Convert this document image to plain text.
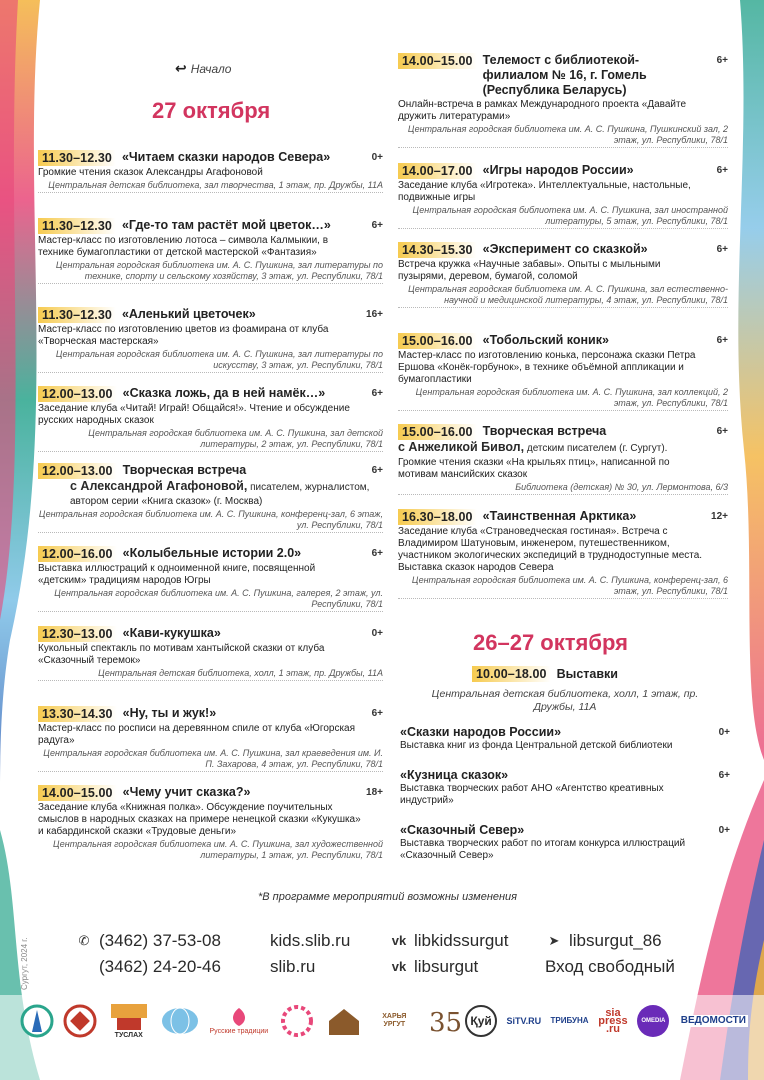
↩ Начало
27 октября
11.30–12.30 «Читаем сказки народов Севера»	0+
Громкие чтения сказок Александры Агафоновой
Центральная детская библиотека, зал творчества, 1 этаж, пр. Дружбы, 11А
11.30–12.30 «Где-то там растёт мой цветок…»	6+
Мастер-класс по изготовлению лотоса – символа Калмыкии, в технике бумагопластики от детской мастерской «Фантазия»
Центральная городская библиотека им. А. С. Пушкина, зал литературы по технике, спорту и сельскому хозяйству, 3 этаж, ул. Республики, 78/1
11.30–12.30 «Аленький цветочек»	16+
Мастер-класс по изготовлению цветов из фоамирана от клуба «Творческая мастерская»
Центральная городская библиотека им. А. С. Пушкина, зал литературы по искусству, 3 этаж, ул. Республики, 78/1
12.00–13.00 «Сказка ложь, да в ней намёк…»	6+
Заседание клуба «Читай! Играй! Общайся!». Чтение и обсуждение русских народных сказок
Центральная городская библиотека им. А. С. Пушкина, зал детской литературы, 2 этаж, ул. Республики, 78/1
12.00–13.00 Творческая встреча	6+
с Александрой Агафоновой, писателем, журналистом,
автором серии «Книга сказок» (г. Москва)
Центральная городская библиотека им. А. С. Пушкина, конференц-зал, 6 этаж, ул. Республики, 78/1
12.00–16.00 «Колыбельные истории 2.0»	6+
Выставка иллюстраций к одноименной книге, посвященной «детским» традициям народов Югры
Центральная городская библиотека им. А. С. Пушкина, галерея, 2 этаж, ул. Республики, 78/1
12.30–13.00 «Кави-кукушка»	0+
Кукольный спектакль по мотивам хантыйской сказки от клуба «Сказочный теремок»
Центральная детская библиотека, холл, 1 этаж, пр. Дружбы, 11А
13.30–14.30 «Ну, ты и жук!»	6+
Мастер-класс по росписи на деревянном спиле от клуба «Югорская радуга»
Центральная городская библиотека им. А. С. Пушкина, зал краеведения им. И. П. Захарова, 4 этаж, ул. Республики, 78/1
14.00–15.00 «Чему учит сказка?»	18+
Заседание клуба «Книжная полка». Обсуждение поучительных смыслов в народных сказках на примере ненецкой сказки «Кукушка» и кабардинской сказки «Трудовые деньги»
Центральная городская библиотека им. А. С. Пушкина, зал художественной литературы, 1 этаж, ул. Республики, 78/1
14.00–15.00 Телемост с библиотекой-филиалом № 16, г. Гомель (Республика Беларусь)
6+
Онлайн-встреча в рамках Международного проекта «Давайте дружить литературами»
Центральная городская библиотека им. А. С. Пушкина, Пушкинский зал, 2 этаж, ул. Республики, 78/1
14.00–17.00 «Игры народов России»	6+
Заседание клуба «Игротека». Интеллектуальные, настольные, подвижные игры
Центральная городская библиотека им. А. С. Пушкина, зал иностранной литературы, 5 этаж, ул. Республики, 78/1
14.30–15.30 «Эксперимент со сказкой»	6+
Встреча кружка «Научные забавы». Опыты с мыльными пузырями, деревом, бумагой, соломой
Центральная городская библиотека им. А. С. Пушкина, зал естественно-научной и медицинской литературы, 4 этаж, ул. Республики, 78/1
15.00–16.00 «Тобольский коник»	6+
Мастер-класс по изготовлению конька, персонажа сказки Петра Ершова «Конёк-горбунок», в технике объёмной аппликации и бумагопластики
Центральная городская библиотека им. А. С. Пушкина, зал коллекций, 2 этаж, ул. Республики, 78/1
15.00–16.00 Творческая встреча	6+
с Анжеликой Бивол, детским писателем (г. Сургут).
Громкие чтения сказки «На крыльях птиц», написанной по мотивам мансийских сказок
Библиотека (детская) № 30, ул. Лермонтова, 6/3
16.30–18.00 «Таинственная Арктика»	12+
Заседание клуба «Страноведческая гостиная». Встреча с Владимиром Шатуновым, инженером, путешественником, участником экологических экспедиций в труднодоступные места. Выставка сказок народов Севера
Центральная городская библиотека им. А. С. Пушкина, конференц-зал, 6 этаж, ул. Республики, 78/1
26–27 октября
10.00–18.00 Выставки
Центральная детская библиотека, холл, 1 этаж, пр. Дружбы, 11А
«Сказки народов России»	0+
Выставка книг из фонда Центральной детской библиотеки
«Кузница сказок»	6+
Выставка творческих работ АНО «Агентство креативных индустрий»
«Сказочный Север»	0+
Выставка творческих работ по итогам конкурса иллюстраций «Сказочный Север»
*В программе мероприятий возможны изменения
✆ (3462) 37-53-08
(3462) 24-20-46
kids.slib.ru
slib.ru
vk libkidssurgut
vk libsurgut
➤ libsurgut_86
Вход свободный
Сургут, 2024 г.
ТУСЛАХ
Русские традиции
ХАРЬЯ УРГУТ 35 Қуй	SiTV.RU ТРИБУНА
sia press .ru
OMEDIA	ВЕДОМОСТИ
